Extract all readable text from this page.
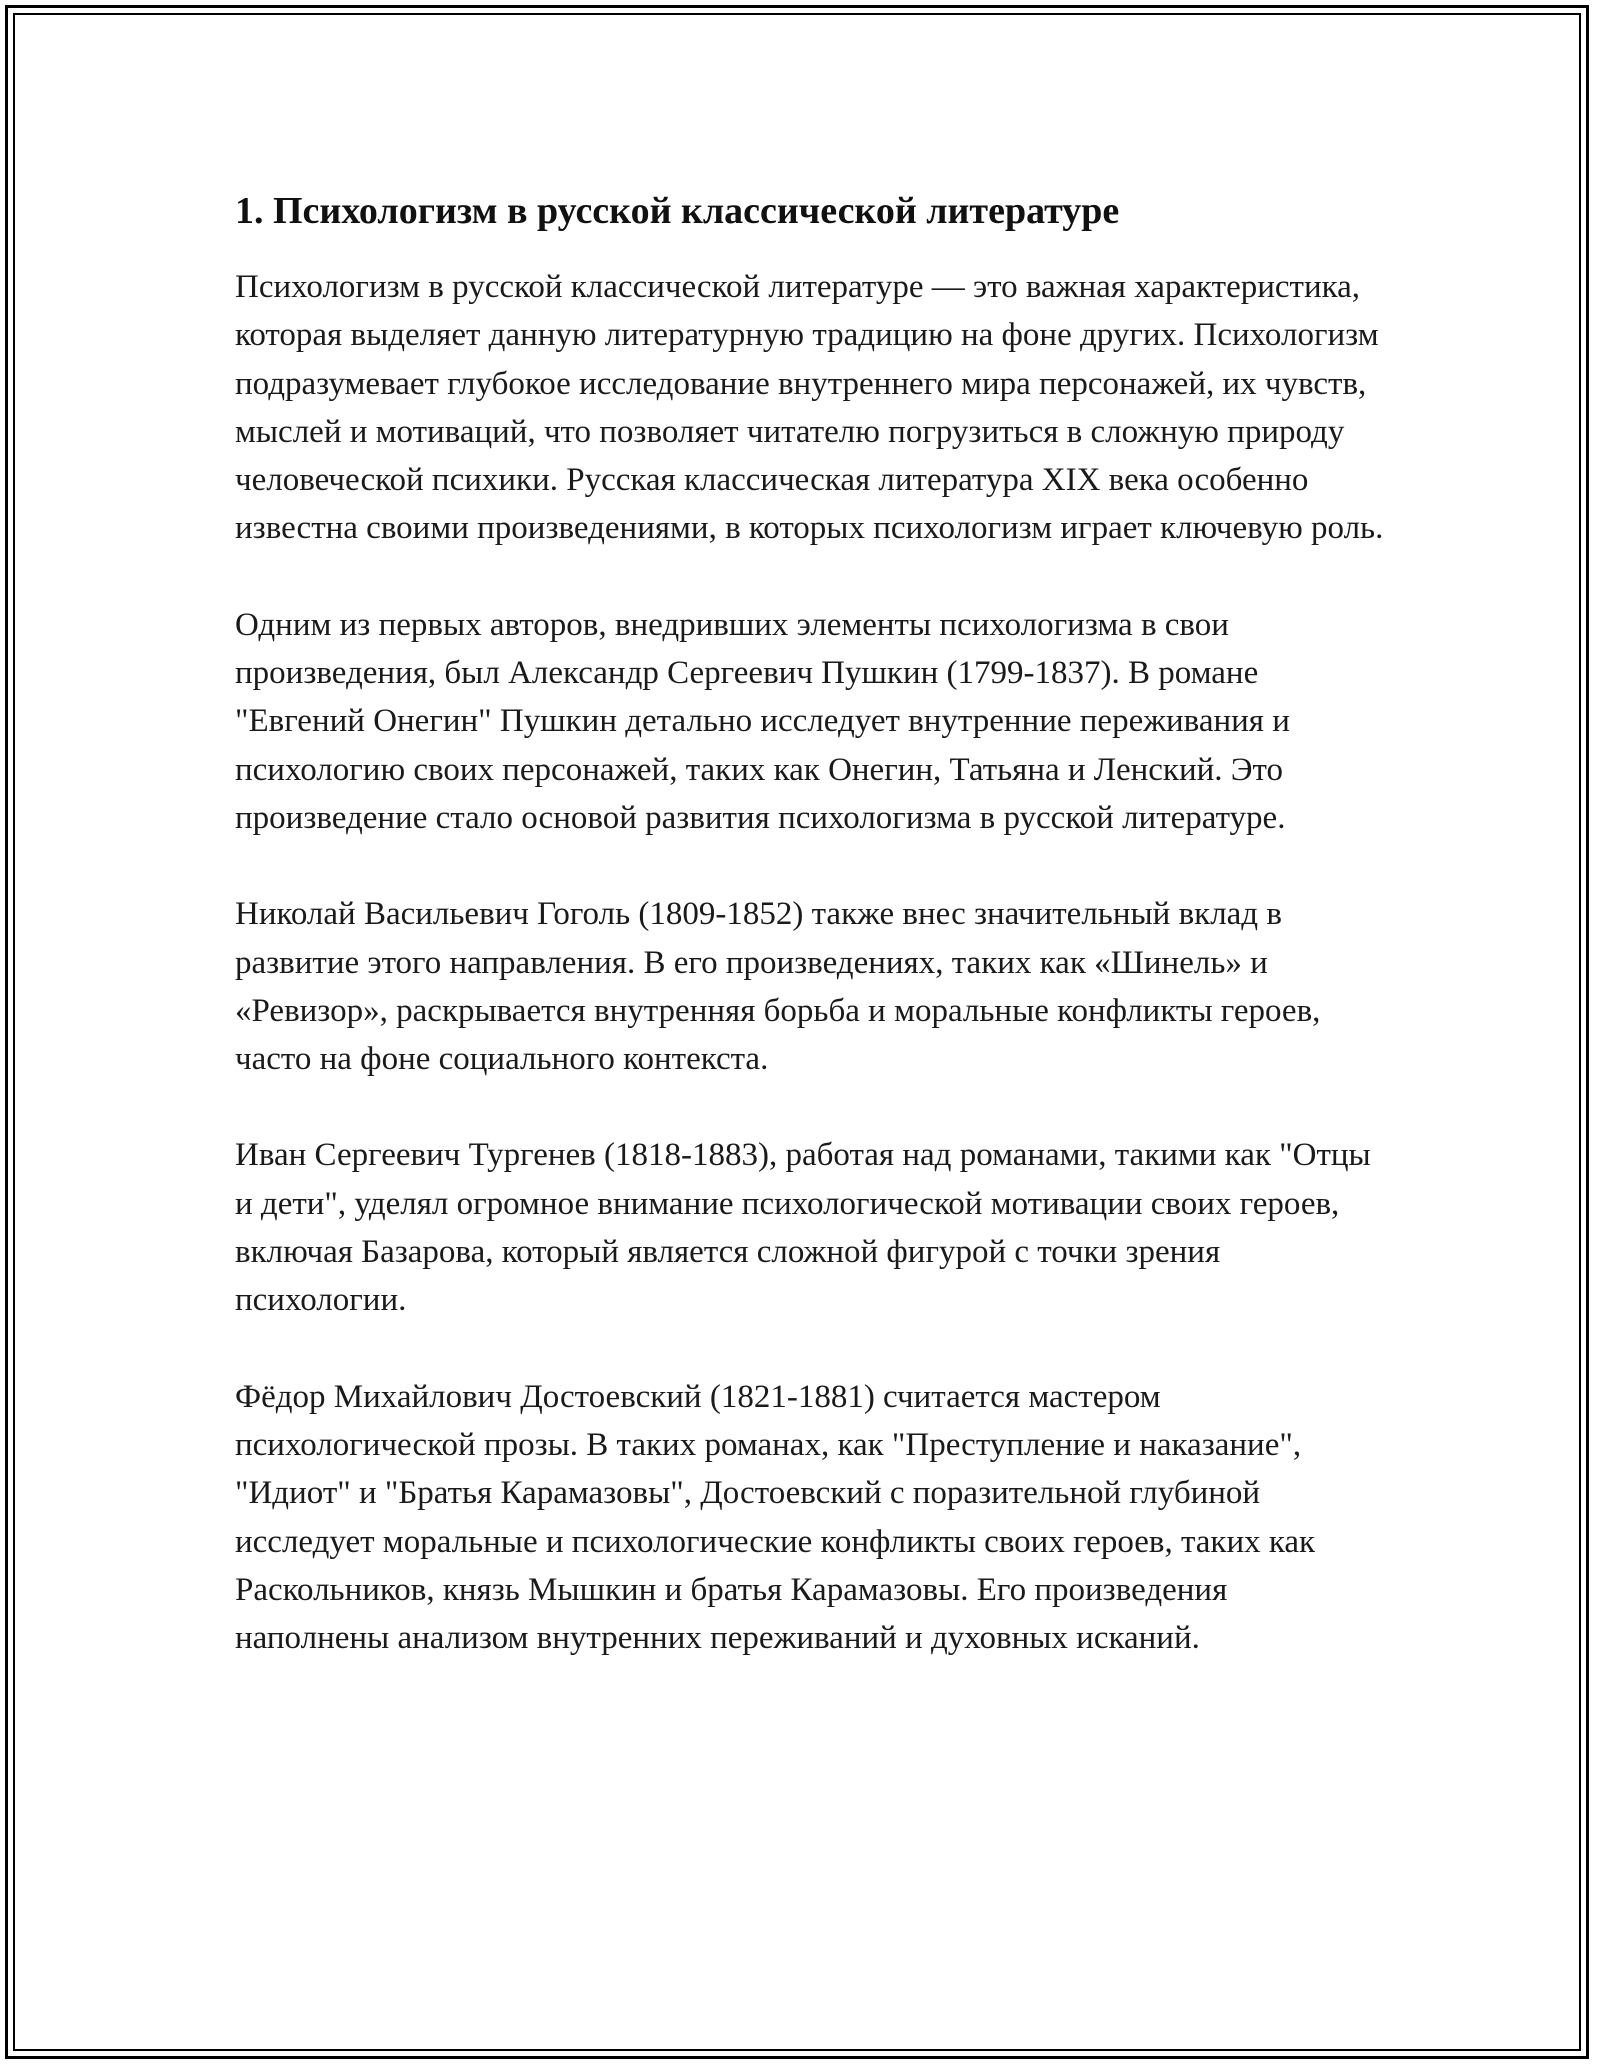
1. Психологизм в русской классической литературе

Психологизм в русской классической литературе — это важная характеристика, которая выделяет данную литературную традицию на фоне других. Психологизм подразумевает глубокое исследование внутреннего мира персонажей, их чувств, мыслей и мотиваций, что позволяет читателю погрузиться в сложную природу человеческой психики. Русская классическая литература XIX века особенно известна своими произведениями, в которых психологизм играет ключевую роль.

Одним из первых авторов, внедривших элементы психологизма в свои произведения, был Александр Сергеевич Пушкин (1799-1837). В романе "Евгений Онегин" Пушкин детально исследует внутренние переживания и психологию своих персонажей, таких как Онегин, Татьяна и Ленский. Это произведение стало основой развития психологизма в русской литературе.

Николай Васильевич Гоголь (1809-1852) также внес значительный вклад в развитие этого направления. В его произведениях, таких как «Шинель» и «Ревизор», раскрывается внутренняя борьба и моральные конфликты героев, часто на фоне социального контекста.

Иван Сергеевич Тургенев (1818-1883), работая над романами, такими как "Отцы и дети", уделял огромное внимание психологической мотивации своих героев, включая Базарова, который является сложной фигурой с точки зрения психологии.

Фёдор Михайлович Достоевский (1821-1881) считается мастером психологической прозы. В таких романах, как "Преступление и наказание", "Идиот" и "Братья Карамазовы", Достоевский с поразительной глубиной исследует моральные и психологические конфликты своих героев, таких как Раскольников, князь Мышкин и братья Карамазовы. Его произведения наполнены анализом внутренних переживаний и духовных исканий.
